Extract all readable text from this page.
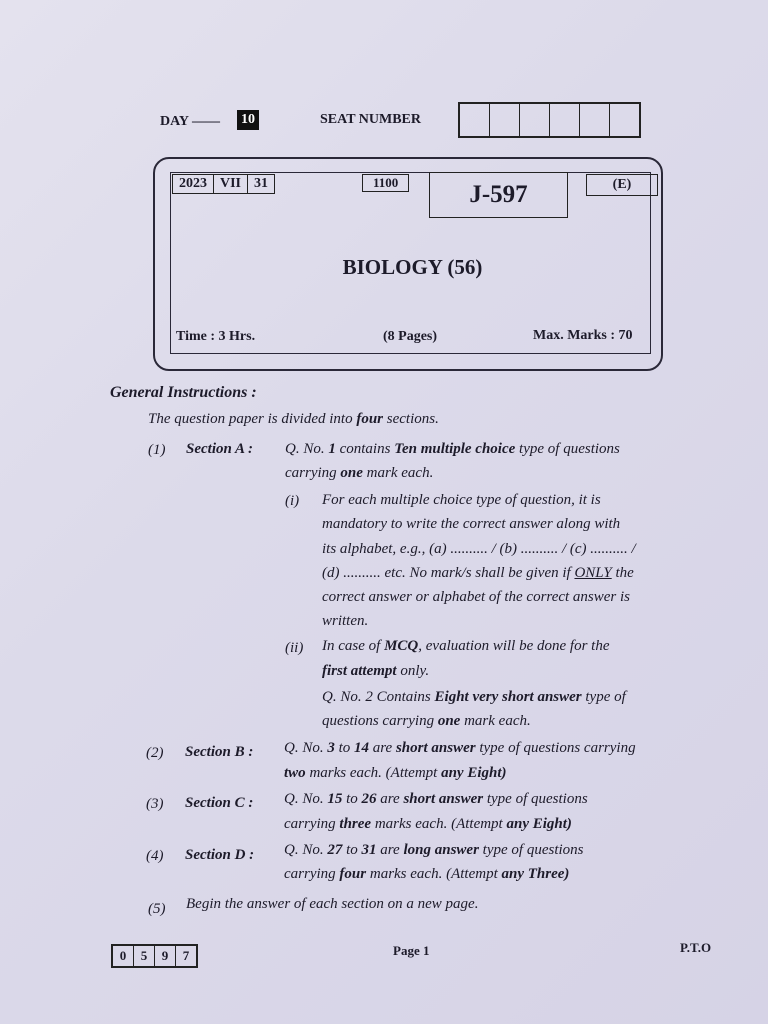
DAY —— 10	SEAT NUMBER
2023 VII 31	1100	J-597	(E)
BIOLOGY (56)
Time : 3 Hrs.	(8 Pages)	Max. Marks : 70
General Instructions :
The question paper is divided into four sections.
(1) Section A : Q. No. 1 contains Ten multiple choice type of questions
carrying one mark each.
(i) For each multiple choice type of question, it is
mandatory to write the correct answer along with
its alphabet, e.g., (a) .......... / (b) .......... / (c) .......... /
(d) .......... etc. No mark/s shall be given if ONLY the
correct answer or alphabet of the correct answer is
written.
(ii) In case of MCQ, evaluation will be done for the
first attempt only.
Q. No. 2 Contains Eight very short answer type of
questions carrying one mark each.
(2) Section B : Q. No. 3 to 14 are short answer type of questions carrying
two marks each. (Attempt any Eight)
(3) Section C : Q. No. 15 to 26 are short answer type of questions
carrying three marks each. (Attempt any Eight)
(4) Section D : Q. No. 27 to 31 are long answer type of questions
carrying four marks each. (Attempt any Three)
(5) Begin the answer of each section on a new page.
0	5	9	7	Page 1	P.T.O
